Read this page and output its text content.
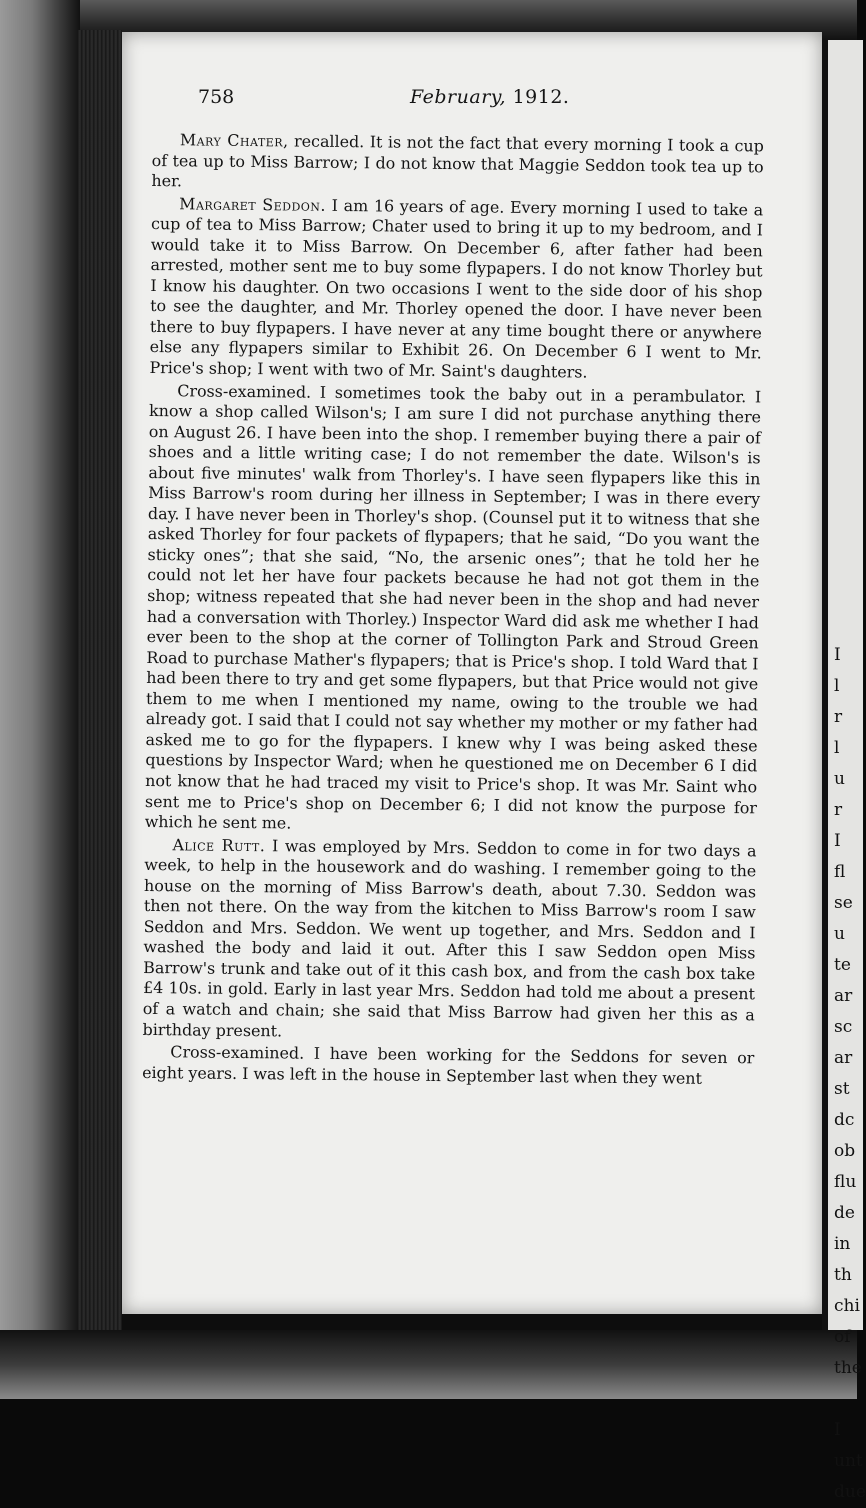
I
l
r
l
u
r
I
fl
se
u
te
ar
sc
ar
st
dc
ob
flu
de
in
th
chi
of
the

I
unt
due
758	February, 1912.

Mary Chater, recalled. It is not the fact that every morning I took a cup of tea up to Miss Barrow; I do not know that Maggie Seddon took tea up to her.

Margaret Seddon. I am 16 years of age. Every morning I used to take a cup of tea to Miss Barrow; Chater used to bring it up to my bedroom, and I would take it to Miss Barrow. On December 6, after father had been arrested, mother sent me to buy some flypapers. I do not know Thorley but I know his daughter. On two occasions I went to the side door of his shop to see the daughter, and Mr. Thorley opened the door. I have never been there to buy flypapers. I have never at any time bought there or anywhere else any flypapers similar to Exhibit 26. On December 6 I went to Mr. Price's shop; I went with two of Mr. Saint's daughters.

Cross-examined. I sometimes took the baby out in a perambulator. I know a shop called Wilson's; I am sure I did not purchase anything there on August 26. I have been into the shop. I remember buying there a pair of shoes and a little writing case; I do not remember the date. Wilson's is about five minutes' walk from Thorley's. I have seen flypapers like this in Miss Barrow's room during her illness in September; I was in there every day. I have never been in Thorley's shop. (Counsel put it to witness that she asked Thorley for four packets of flypapers; that he said, “Do you want the sticky ones”; that she said, “No, the arsenic ones”; that he told her he could not let her have four packets because he had not got them in the shop; witness repeated that she had never been in the shop and had never had a conversation with Thorley.) Inspector Ward did ask me whether I had ever been to the shop at the corner of Tollington Park and Stroud Green Road to purchase Mather's flypapers; that is Price's shop. I told Ward that I had been there to try and get some flypapers, but that Price would not give them to me when I mentioned my name, owing to the trouble we had already got. I said that I could not say whether my mother or my father had asked me to go for the flypapers. I knew why I was being asked these questions by Inspector Ward; when he questioned me on December 6 I did not know that he had traced my visit to Price's shop. It was Mr. Saint who sent me to Price's shop on December 6; I did not know the purpose for which he sent me.

Alice Rutt. I was employed by Mrs. Seddon to come in for two days a week, to help in the housework and do washing. I remember going to the house on the morning of Miss Barrow's death, about 7.30. Seddon was then not there. On the way from the kitchen to Miss Barrow's room I saw Seddon and Mrs. Seddon. We went up together, and Mrs. Seddon and I washed the body and laid it out. After this I saw Seddon open Miss Barrow's trunk and take out of it this cash box, and from the cash box take £4 10s. in gold. Early in last year Mrs. Seddon had told me about a present of a watch and chain; she said that Miss Barrow had given her this as a birthday present.

Cross-examined. I have been working for the Seddons for seven or eight years. I was left in the house in September last when they went
